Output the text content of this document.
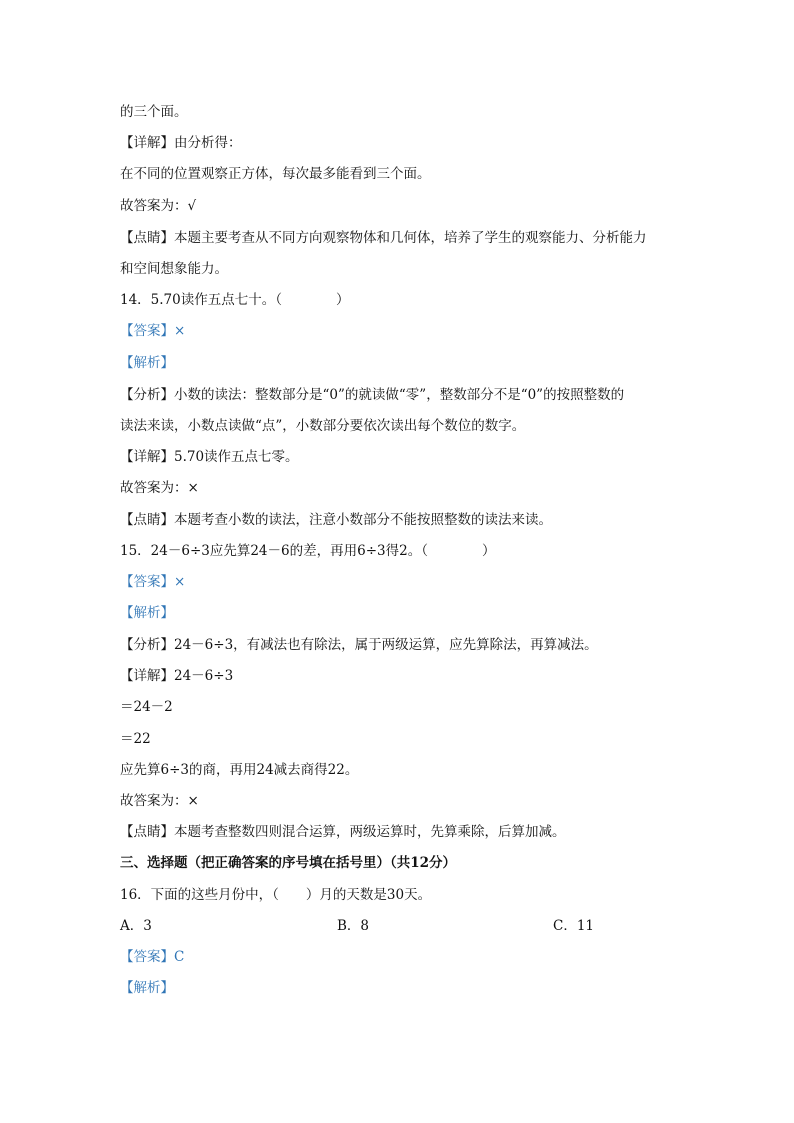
的三个面。
【详解】由分析得：
在不同的位置观察正方体，每次最多能看到三个面。
故答案为：√
【点睛】本题主要考查从不同方向观察物体和几何体，培养了学生的观察能力、分析能力
和空间想象能力。
14．5.70读作五点七十。（　　　　）
【答案】×
【解析】
【分析】小数的读法：整数部分是“0”的就读做“零”，整数部分不是“0”的按照整数的
读法来读，小数点读做“点”，小数部分要依次读出每个数位的数字。
【详解】5.70读作五点七零。
故答案为：×
【点睛】本题考查小数的读法，注意小数部分不能按照整数的读法来读。
15．24－6÷3应先算24－6的差，再用6÷3得2。（　　　　）
【答案】×
【解析】
【分析】24－6÷3，有减法也有除法，属于两级运算，应先算除法，再算减法。
【详解】24－6÷3
＝24－2
＝22
应先算6÷3的商，再用24减去商得22。
故答案为：×
【点睛】本题考查整数四则混合运算，两级运算时，先算乘除，后算加减。
三、选择题（把正确答案的序号填在括号里）（共12分）
16．下面的这些月份中，（　　）月的天数是30天。
A．3	B．8	C．11
【答案】C
【解析】
